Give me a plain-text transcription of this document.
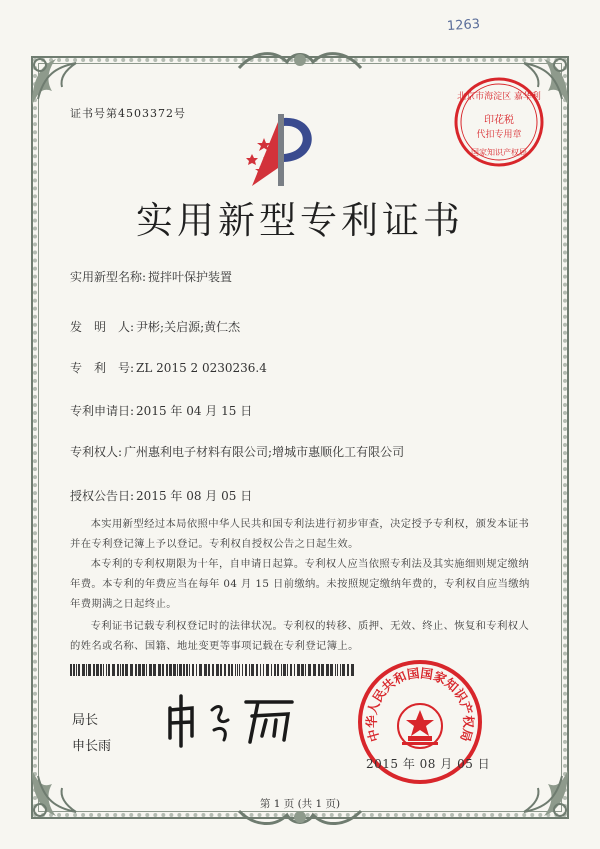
1263
证书号第4503372号
北京市海淀区 嘉华利
印花税
代扣专用章
国家知识产权局
实用新型专利证书
实用新型名称: 搅拌叶保护装置
发　明　人: 尹彬;关启源;黄仁杰
专　利　号: ZL 2015 2 0230236.4
专利申请日: 2015 年 04 月 15 日
专利权人: 广州惠利电子材料有限公司;增城市惠顺化工有限公司
授权公告日: 2015 年 08 月 05 日
本实用新型经过本局依照中华人民共和国专利法进行初步审查，决定授予专利权，颁发本证书并在专利登记簿上予以登记。专利权自授权公告之日起生效。
本专利的专利权期限为十年，自申请日起算。专利权人应当依照专利法及其实施细则规定缴纳年费。本专利的年费应当在每年 04 月 15 日前缴纳。未按照规定缴纳年费的，专利权自应当缴纳年费期满之日起终止。
专利证书记载专利权登记时的法律状况。专利权的转移、质押、无效、终止、恢复和专利权人的姓名或名称、国籍、地址变更等事项记载在专利登记簿上。
局长
申长雨
中华人民共和国国家知识产权局
2015 年 08 月 05 日
第 1 页 (共 1 页)
